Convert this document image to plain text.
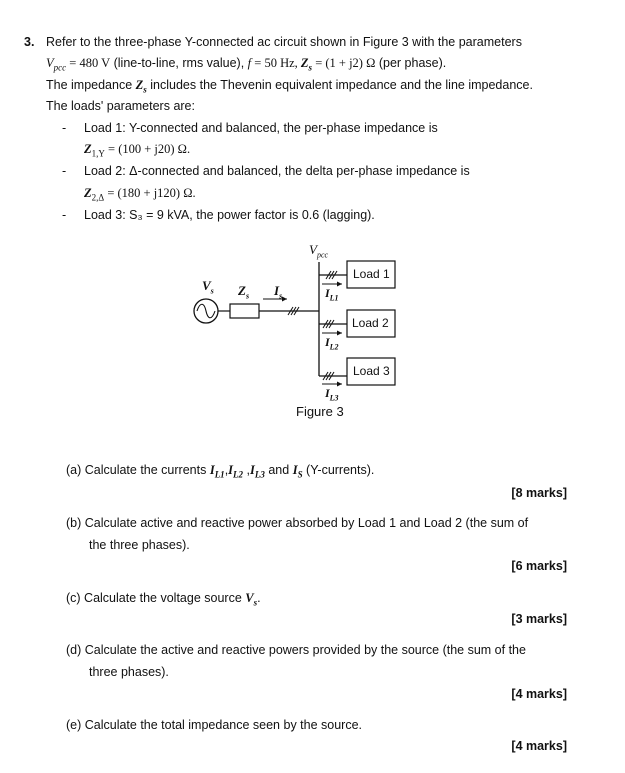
3. Refer to the three-phase Y-connected ac circuit shown in Figure 3 with the parameters
$V_{pcc} = 480$ V (line-to-line, rms value), f = 50 Hz, $Z_s = (1 + j2)$ Ω (per phase).
The impedance $Z_s$ includes the Thevenin equivalent impedance and the line impedance.
The loads' parameters are:
- Load 1: Y-connected and balanced, the per-phase impedance is
$Z_{1,Y} = (100 + j20)$ Ω.
- Load 2: Δ-connected and balanced, the delta per-phase impedance is
$Z_{2,\Delta} = (180 + j120)$ Ω.
- Load 3: S₃ = 9 kVA, the power factor is 0.6 (lagging).
$V_{pcc}$
$V_s$ $Z_s$ $I_s$	$I_{L1}$
$I_{L2}$
$I_{L3}$
Load 1
Load 2
Load 3
Figure 3
(a) Calculate the currents $I_{L1},I_{L2}$ $,I_{L3}$ and $I_S$ (Y-currents).
[8 marks]
(b) Calculate active and reactive power absorbed by Load 1 and Load 2 (the sum of
the three phases).
[6 marks]
(c) Calculate the voltage source $V_s$.
[3 marks]
(d) Calculate the active and reactive powers provided by the source (the sum of the
three phases).
[4 marks]
(e) Calculate the total impedance seen by the source.
[4 marks]
